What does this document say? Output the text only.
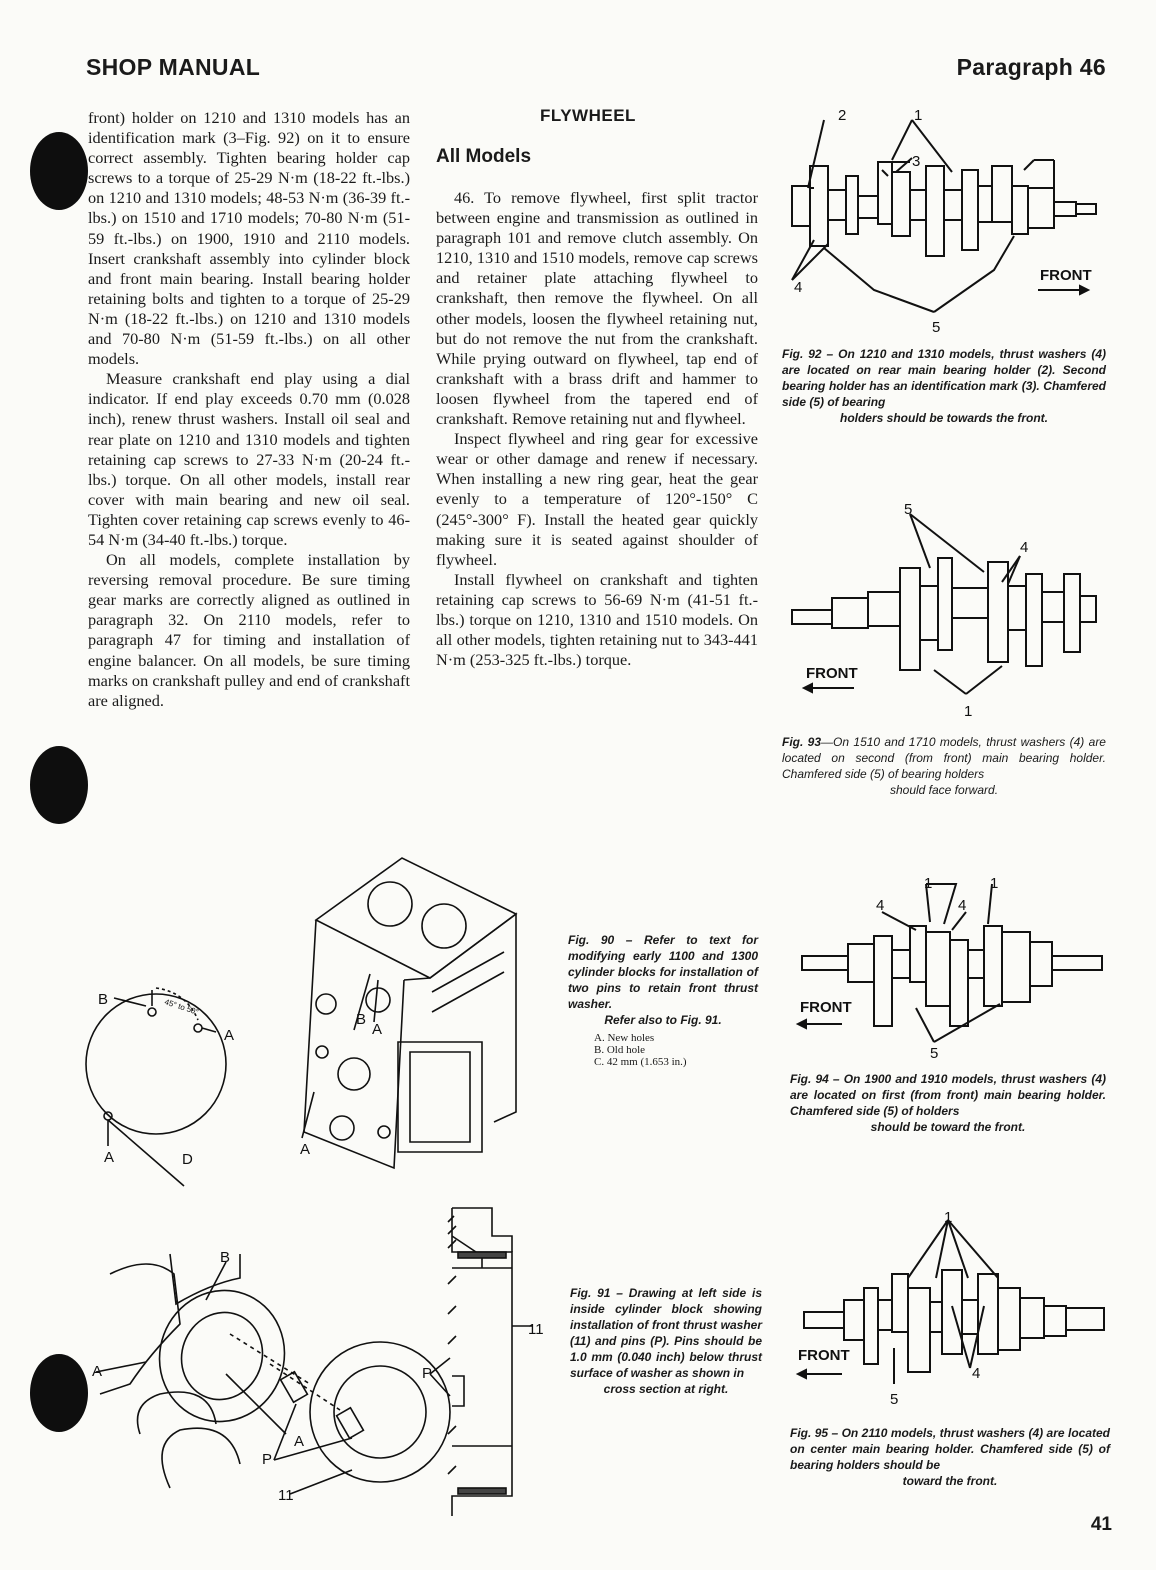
SHOP MANUAL	Paragraph 46

front) holder on 1210 and 1310 models has an identification mark (3–Fig. 92) on it to ensure correct assembly. Tighten bearing holder cap screws to a torque of 25-29 N·m (18-22 ft.-lbs.) on 1210 and 1310 models; 48-53 N·m (36-39 ft.-lbs.) on 1510 and 1710 models; 70-80 N·m (51-59 ft.-lbs.) on 1900, 1910 and 2110 models. Insert crankshaft assembly into cylinder block and front main bearing. Install bearing holder retaining bolts and tighten to a torque of 25-29 N·m (18-22 ft.-lbs.) on 1210 and 1310 models and 70-80 N·m (51-59 ft.-lbs.) on all other models.

Measure crankshaft end play using a dial indicator. If end play exceeds 0.70 mm (0.028 inch), renew thrust washers. Install oil seal and rear plate on 1210 and 1310 models and tighten retaining cap screws to 27-33 N·m (20-24 ft.-lbs.) torque. On all other models, install rear cover with main bearing and new oil seal. Tighten cover retaining cap screws evenly to 46-54 N·m (34-40 ft.-lbs.) torque.

On all models, complete installation by reversing removal procedure. Be sure timing gear marks are correctly aligned as outlined in paragraph 32. On 2110 models, refer to paragraph 47 for timing and installation of engine balancer. On all models, be sure timing marks on crankshaft pulley and end of crankshaft are aligned.

FLYWHEEL
All Models

46. To remove flywheel, first split tractor between engine and transmission as outlined in paragraph 101 and remove clutch assembly. On 1210, 1310 and 1510 models, remove cap screws and retainer plate attaching flywheel to crankshaft, then remove the flywheel. On all other models, loosen the flywheel retaining nut, but do not remove the nut from the crankshaft. While prying outward on flywheel, tap end of crankshaft with a brass drift and hammer to loosen flywheel from the tapered end of crankshaft. Remove retaining nut and flywheel.

Inspect flywheel and ring gear for excessive wear or other damage and renew if necessary. When installing a new ring gear, heat the gear evenly to a temperature of 120°-150° C (245°-300° F). Install the heated gear quickly making sure it is seated against shoulder of flywheel.

Install flywheel on crankshaft and tighten retaining cap screws to 56-69 N·m (41-51 ft.-lbs.) torque on 1210, 1310 and 1510 models. On all other models, tighten retaining nut to 343-441 N·m (253-325 ft.-lbs.) torque.

2	1
3
4
5
FRONT
Fig. 92 – On 1210 and 1310 models, thrust washers (4) are located on rear main bearing holder (2). Second bearing holder has an identification mark (3). Chamfered side (5) of bearing
holders should be towards the front.
5
4
1
FRONT
Fig. 93—On 1510 and 1710 models, thrust washers (4) are located on second (from front) main bearing holder. Chamfered side (5) of bearing holders
should face forward.
1	1
4	4
5
FRONT
Fig. 94 – On 1900 and 1910 models, thrust washers (4) are located on first (from front) main bearing holder. Chamfered side (5) of holders
should be toward the front.
1
4
5
FRONT
Fig. 95 – On 2110 models, thrust washers (4) are located on center main bearing holder. Chamfered side (5) of bearing holders should be
toward the front.
B
A
A	D
45° to 50°
B
A
A
Fig. 90 – Refer to text for modifying early 1100 and 1300 cylinder blocks for installation of two pins to retain front thrust washer.
Refer also to Fig. 91.
A. New holes
B. Old hole
C. 42 mm (1.653 in.)
B
A
A
P
11
P
11
Fig. 91 – Drawing at left side is inside cylinder block showing installation of front thrust washer (11) and pins (P). Pins should be 1.0 mm (0.040 inch) below thrust surface of washer as shown in
cross section at right.
41
